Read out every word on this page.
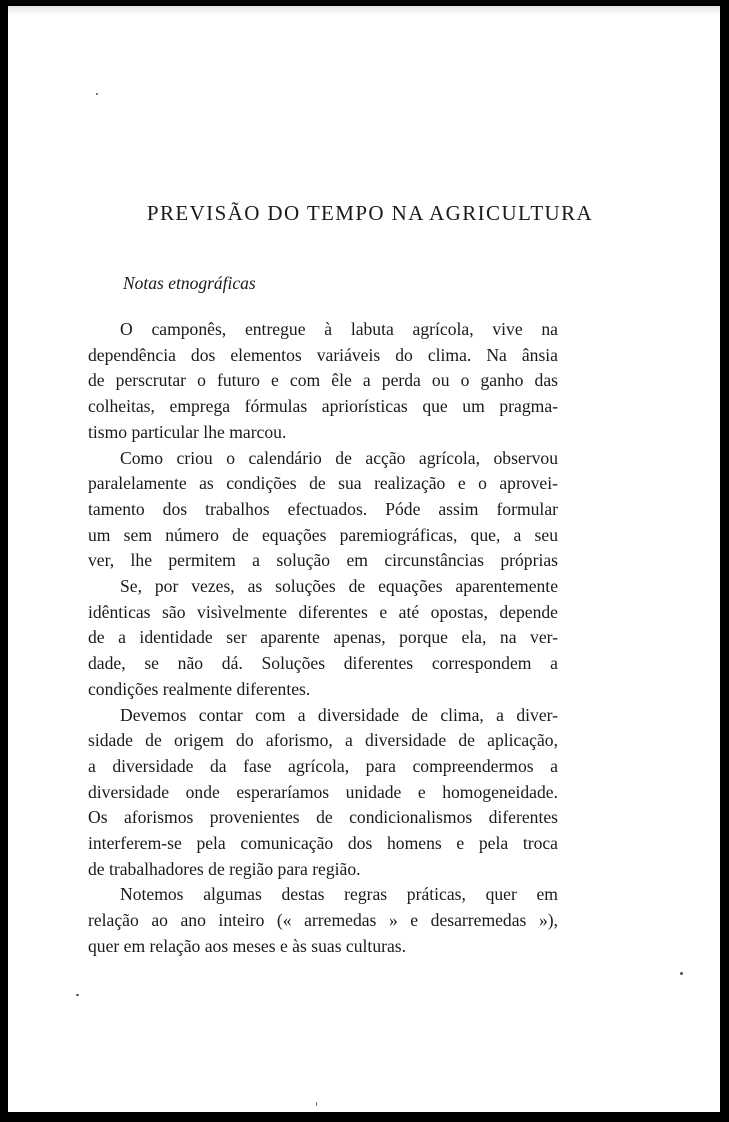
PREVISÃO DO TEMPO NA AGRICULTURA

Notas etnográficas

O camponês, entregue à labuta agrícola, vive na
dependência dos elementos variáveis do clima. Na ânsia
de perscrutar o futuro e com êle a perda ou o ganho das
colheitas, emprega fórmulas apriorísticas que um pragma-
tismo particular lhe marcou.

Como criou o calendário de acção agrícola, observou
paralelamente as condições de sua realização e o aprovei-
tamento dos trabalhos efectuados. Póde assim formular
um sem número de equações paremiográficas, que, a seu
ver, lhe permitem a solução em circunstâncias próprias

Se, por vezes, as soluções de equações aparentemente
idênticas são visìvelmente diferentes e até opostas, depende
de a identidade ser aparente apenas, porque ela, na ver-
dade, se não dá. Soluções diferentes correspondem a
condições realmente diferentes.

Devemos contar com a diversidade de clima, a diver-
sidade de origem do aforismo, a diversidade de aplicação,
a diversidade da fase agrícola, para compreendermos a
diversidade onde esperaríamos unidade e homogeneidade.
Os aforismos provenientes de condicionalismos diferentes
interferem-se pela comunicação dos homens e pela troca
de trabalhadores de região para região.

Notemos algumas destas regras práticas, quer em
relação ao ano inteiro (« arremedas » e desarremedas »),
quer em relação aos meses e às suas culturas.
